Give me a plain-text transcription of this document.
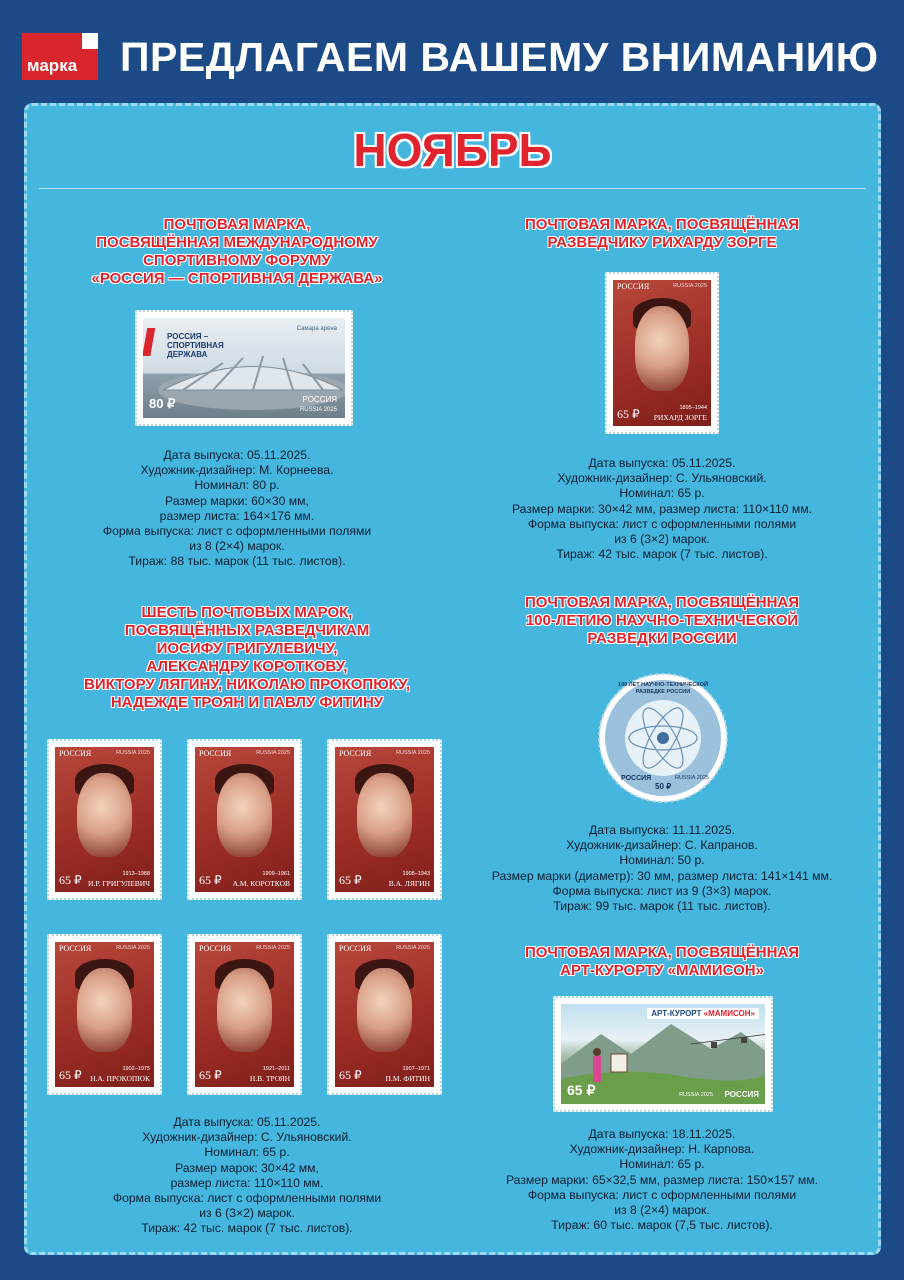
марка ПРЕДЛАГАЕМ ВАШЕМУ ВНИМАНИЮ
НОЯБРЬ
ПОЧТОВАЯ МАРКА,
ПОСВЯЩЁННАЯ МЕЖДУНАРОДНОМУ
СПОРТИВНОМУ ФОРУМУ
«РОССИЯ — СПОРТИВНАЯ ДЕРЖАВА»
РОССИЯ –
СПОРТИВНАЯ
ДЕРЖАВА
Самара арена
80 ₽	РОССИЯ
RUSSIA 2025
Дата выпуска: 05.11.2025.
Художник-дизайнер: М. Корнеева.
Номинал: 80 р.
Размер марки: 60×30 мм,
размер листа: 164×176 мм.
Форма выпуска: лист с оформленными полями
из 8 (2×4) марок.
Тираж: 88 тыс. марок (11 тыс. листов).
ПОЧТОВАЯ МАРКА, ПОСВЯЩЁННАЯ
РАЗВЕДЧИКУ РИХАРДУ ЗОРГЕ
РОССИЯ	RUSSIA 2025
65 ₽	1895–1944
РИХАРД ЗОРГЕ
Дата выпуска: 05.11.2025.
Художник-дизайнер: С. Ульяновский.
Номинал: 65 р.
Размер марки: 30×42 мм, размер листа: 110×110 мм.
Форма выпуска: лист с оформленными полями
из 6 (3×2) марок.
Тираж: 42 тыс. марок (7 тыс. листов).
ШЕСТЬ ПОЧТОВЫХ МАРОК,
ПОСВЯЩЁННЫХ РАЗВЕДЧИКАМ
ИОСИФУ ГРИГУЛЕВИЧУ,
АЛЕКСАНДРУ КОРОТКОВУ,
ВИКТОРУ ЛЯГИНУ, НИКОЛАЮ ПРОКОПЮКУ,
НАДЕЖДЕ ТРОЯН И ПАВЛУ ФИТИНУ
РОССИЯ	RUSSIA 2025
65 ₽	1913–1988
И.Р. ГРИГУЛЕВИЧ
РОССИЯ	RUSSIA 2025
65 ₽	1909–1961
А.М. КОРОТКОВ
РОССИЯ	RUSSIA 2025
65 ₽	1908–1943
В.А. ЛЯГИН
РОССИЯ	RUSSIA 2025
65 ₽	1902–1975
Н.А. ПРОКОПЮК
РОССИЯ	RUSSIA 2025
65 ₽	1921–2011
Н.В. ТРОЯН
РОССИЯ	RUSSIA 2025
65 ₽	1907–1971
П.М. ФИТИН
Дата выпуска: 05.11.2025.
Художник-дизайнер: С. Ульяновский.
Номинал: 65 р.
Размер марок: 30×42 мм,
размер листа: 110×110 мм.
Форма выпуска: лист с оформленными полями
из 6 (3×2) марок.
Тираж: 42 тыс. марок (7 тыс. листов).
ПОЧТОВАЯ МАРКА, ПОСВЯЩЁННАЯ
100-ЛЕТИЮ НАУЧНО-ТЕХНИЧЕСКОЙ
РАЗВЕДКИ РОССИИ
100 ЛЕТ НАУЧНО-ТЕХНИЧЕСКОЙ РАЗВЕДКЕ РОССИИ
РОССИЯ
50 ₽
RUSSIA 2025
Дата выпуска: 11.11.2025.
Художник-дизайнер: С. Капранов.
Номинал: 50 р.
Размер марки (диаметр): 30 мм, размер листа: 141×141 мм.
Форма выпуска: лист из 9 (3×3) марок.
Тираж: 99 тыс. марок (11 тыс. листов).
ПОЧТОВАЯ МАРКА, ПОСВЯЩЁННАЯ
АРТ-КУРОРТУ «МАМИСОН»
АРТ-КУРОРТ «МАМИСОН»
65 ₽	RUSSIA 2025 РОССИЯ
Дата выпуска: 18.11.2025.
Художник-дизайнер: Н. Карпова.
Номинал: 65 р.
Размер марки: 65×32,5 мм, размер листа: 150×157 мм.
Форма выпуска: лист с оформленными полями
из 8 (2×4) марок.
Тираж: 60 тыс. марок (7,5 тыс. листов).
